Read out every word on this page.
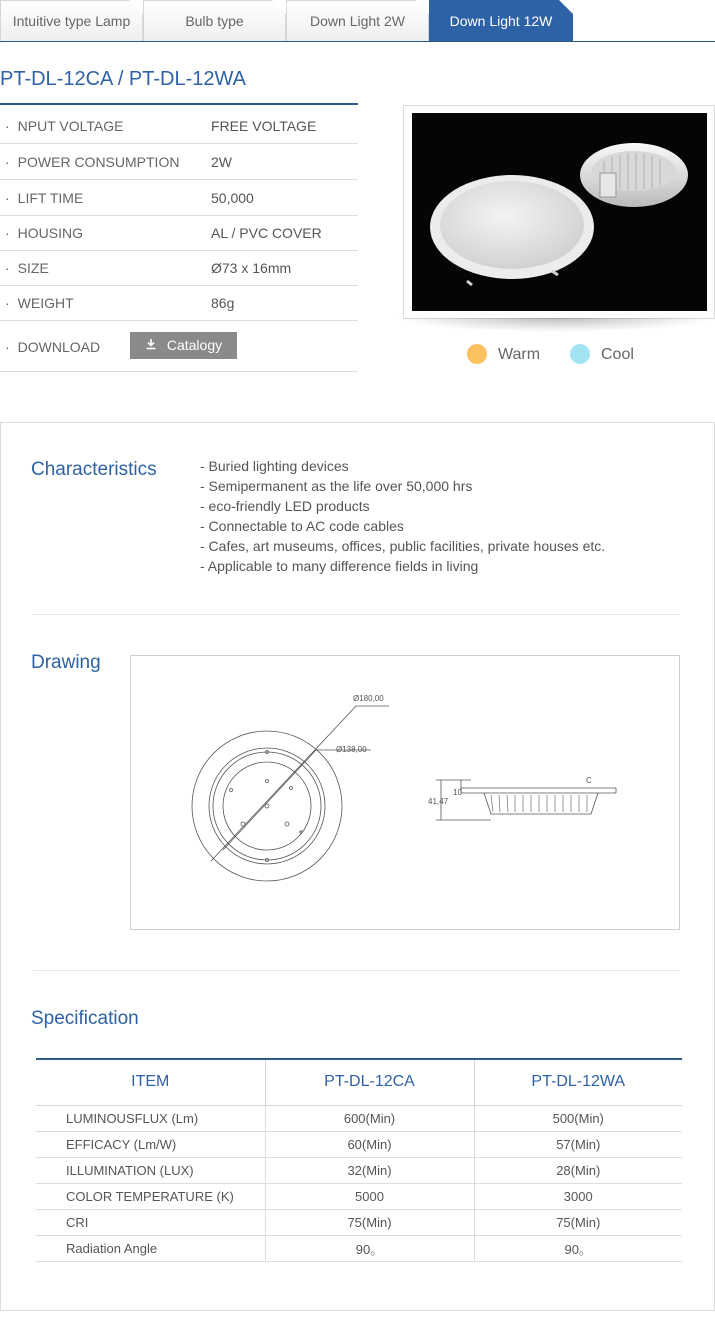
Intuitive type Lamp	Bulb type	Down Light 2W	Down Light 12W
PT-DL-12CA / PT-DL-12WA
· NPUT VOLTAGE	FREE VOLTAGE
· POWER CONSUMPTION 2W
· LIFT TIME	50,000
· HOUSING	AL / PVC COVER
· SIZE	Ø73 x 16mm
· WEIGHT	86g
· DOWNLOAD	Catalogy
Warm	Cool
Characteristics	- Buried lighting devices
- Semipermanent as the life over 50,000 hrs
- eco-friendly LED products
- Connectable to AC code cables
- Cafes, art museums, offices, public facilities, private houses etc.
- Applicable to many difference fields in living
Drawing
Ø180,00
Ø138,00
41,47
10
C
Specification
ITEM	PT-DL-12CA	PT-DL-12WA
LUMINOUSFLUX (Lm)	600(Min)	500(Min)
EFFICACY (Lm/W)	60(Min)	57(Min)
ILLUMINATION (LUX)	32(Min)	28(Min)
COLOR TEMPERATURE (K)	5000	3000
CRI	75(Min)	75(Min)
Radiation Angle	90。	90。
